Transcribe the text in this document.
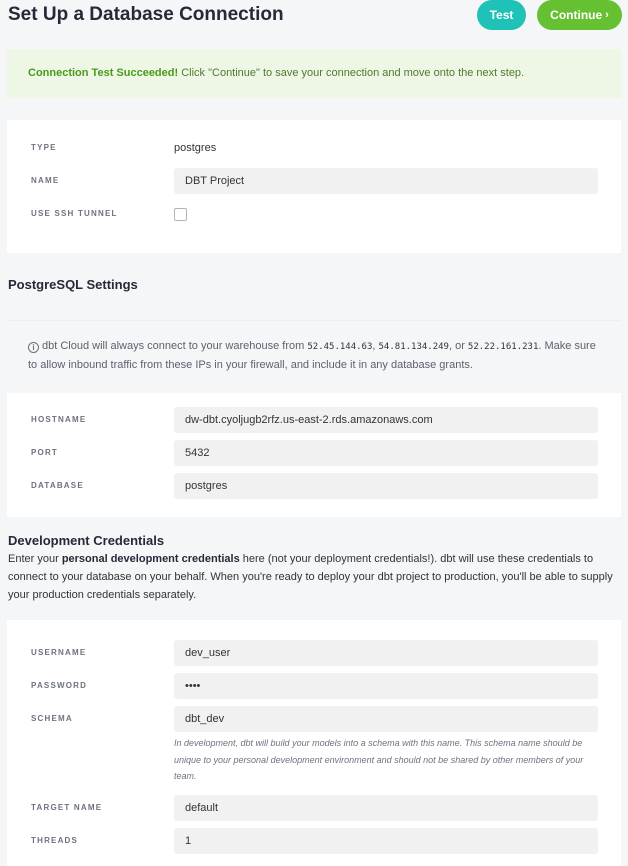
Set Up a Database Connection	Test	Continue ›
Connection Test Succeeded! Click "Continue" to save your connection and move onto the next step.
TYPE	postgres
NAME	DBT Project
USE SSH TUNNEL
PostgreSQL Settings
i dbt Cloud will always connect to your warehouse from 52.45.144.63, 54.81.134.249, or 52.22.161.231. Make sure to allow inbound traffic from these IPs in your firewall, and include it in any database grants.
HOSTNAME	dw-dbt.cyoljugb2rfz.us-east-2.rds.amazonaws.com
PORT	5432
DATABASE	postgres
Development Credentials
Enter your personal development credentials here (not your deployment credentials!). dbt will use these credentials to connect to your database on your behalf. When you're ready to deploy your dbt project to production, you'll be able to supply your production credentials separately.
USERNAME	dev_user
PASSWORD	••••
SCHEMA	dbt_dev
TARGET NAME	default
THREADS	1
In development, dbt will build your models into a schema with this name. This schema name should be unique to your personal development environment and should not be shared by other members of your team.
